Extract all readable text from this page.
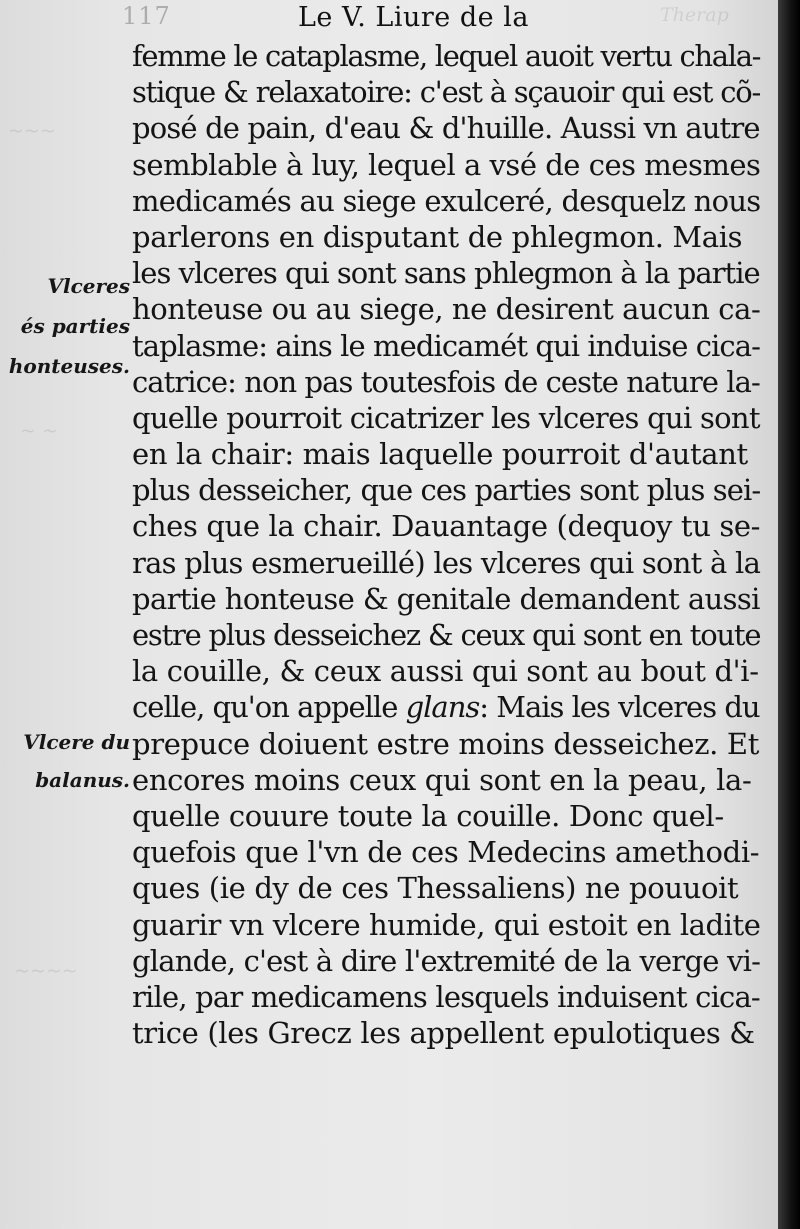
Therap
~~~
~ ~
~~~~
117	Le V. Liure de la
Vlceres
és parties
honteuses.
Vlcere du
balanus.
femme le cataplasme, lequel auoit vertu chala-
stique & relaxatoire: c'est à sçauoir qui est cõ-
posé de pain, d'eau & d'huille. Aussi vn autre
semblable à luy, lequel a vsé de ces mesmes
medicamés au siege exulceré, desquelz nous
parlerons en disputant de phlegmon. Mais
les vlceres qui sont sans phlegmon à la partie
honteuse ou au siege, ne desirent aucun ca-
taplasme: ains le medicamét qui induise cica-
catrice: non pas toutesfois de ceste nature la-
quelle pourroit cicatrizer les vlceres qui sont
en la chair: mais laquelle pourroit d'autant
plus desseicher, que ces parties sont plus sei-
ches que la chair. Dauantage (dequoy tu se-
ras plus esmerueillé) les vlceres qui sont à la
partie honteuse & genitale demandent aussi
estre plus desseichez & ceux qui sont en toute
la couille, & ceux aussi qui sont au bout d'i-
celle, qu'on appelle glans: Mais les vlceres du
prepuce doiuent estre moins desseichez. Et
encores moins ceux qui sont en la peau, la-
quelle couure toute la couille. Donc quel-
quefois que l'vn de ces Medecins amethodi-
ques (ie dy de ces Thessaliens) ne pouuoit
guarir vn vlcere humide, qui estoit en ladite
glande, c'est à dire l'extremité de la verge vi-
rile, par medicamens lesquels induisent cica-
trice (les Grecz les appellent epulotiques &
